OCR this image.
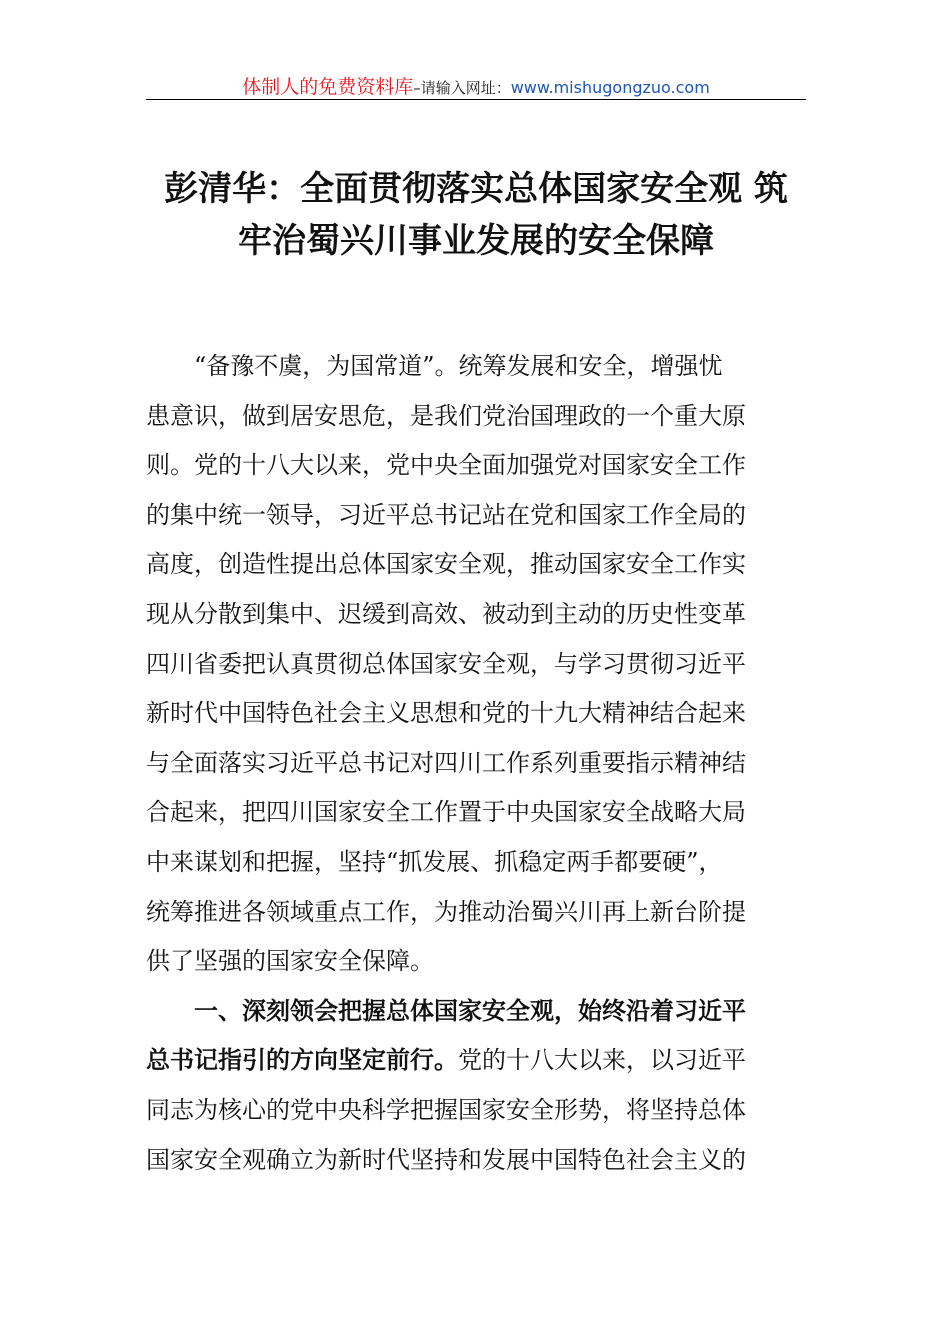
体制人的免费资料库–请输入网址：www.mishugongzuo.com
彭清华：全面贯彻落实总体国家安全观 筑
牢治蜀兴川事业发展的安全保障
“备豫不虞，为国常道”。统筹发展和安全，增强忧
患意识，做到居安思危，是我们党治国理政的一个重大原
则。党的十八大以来，党中央全面加强党对国家安全工作
的集中统一领导，习近平总书记站在党和国家工作全局的
高度，创造性提出总体国家安全观，推动国家安全工作实
现从分散到集中、迟缓到高效、被动到主动的历史性变革
四川省委把认真贯彻总体国家安全观，与学习贯彻习近平
新时代中国特色社会主义思想和党的十九大精神结合起来
与全面落实习近平总书记对四川工作系列重要指示精神结
合起来，把四川国家安全工作置于中央国家安全战略大局
中来谋划和把握，坚持“抓发展、抓稳定两手都要硬”，
统筹推进各领域重点工作，为推动治蜀兴川再上新台阶提
供了坚强的国家安全保障。
一、深刻领会把握总体国家安全观，始终沿着习近平
总书记指引的方向坚定前行。党的十八大以来，以习近平
同志为核心的党中央科学把握国家安全形势，将坚持总体
国家安全观确立为新时代坚持和发展中国特色社会主义的
